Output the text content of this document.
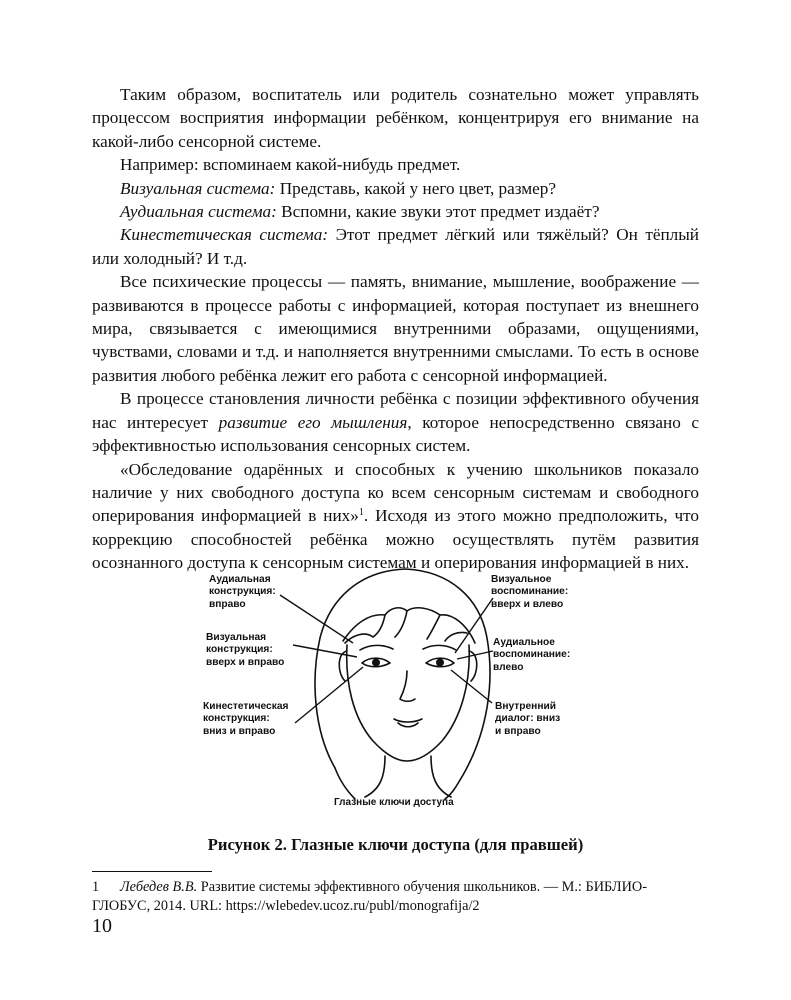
Таким образом, воспитатель или родитель сознательно может управлять процессом восприятия информации ребёнком, концентрируя его внимание на какой-либо сенсорной системе.

Например: вспоминаем какой-нибудь предмет.

Визуальная система: Представь, какой у него цвет, размер?

Аудиальная система: Вспомни, какие звуки этот предмет издаёт?

Кинестетическая система: Этот предмет лёгкий или тяжёлый? Он тёплый или холодный? И т.д.

Все психические процессы — память, внимание, мышление, воображение — развиваются в процессе работы с информацией, которая поступает из внешнего мира, связывается с имеющимися внутренними образами, ощущениями, чувствами, словами и т.д. и наполняется внутренними смыслами. То есть в основе развития любого ребёнка лежит его работа с сенсорной информацией.

В процессе становления личности ребёнка с позиции эффективного обучения нас интересует развитие его мышления, которое непосредственно связано с эффективностью использования сенсорных систем.

«Обследование одарённых и способных к учению школьников показало наличие у них свободного доступа ко всем сенсорным системам и свободного оперирования информацией в них»$^1$. Исходя из этого можно предположить, что коррекцию способностей ребёнка можно осуществлять путём развития осознанного доступа к сенсорным системам и оперирования информацией в них.

Аудиальная
конструкция:
вправо
Визуальная
конструкция:
вверх и вправо
Кинестетическая
конструкция:
вниз и вправо
Визуальное
воспоминание:
вверх и влево
Аудиальное
воспоминание:
влево
Внутренний
диалог: вниз
и вправо
Глазные ключи доступа
Рисунок 2. Глазные ключи доступа (для правшей)
1 Лебедев В.В. Развитие системы эффективного обучения школьников. — М.: БИБЛИО-ГЛОБУС, 2014. URL: https://wlebedev.ucoz.ru/publ/monografija/2
10
